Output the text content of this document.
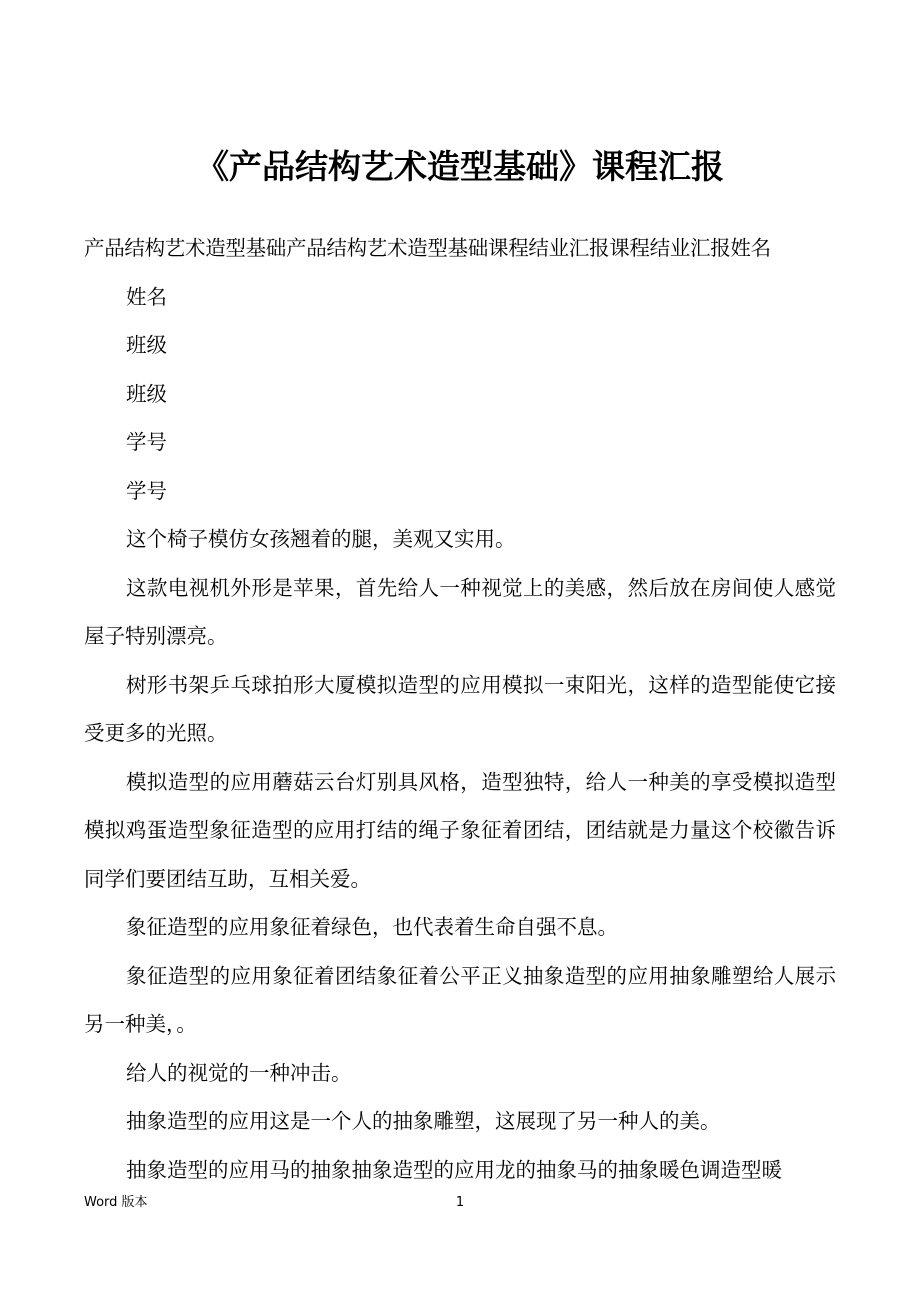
《产品结构艺术造型基础》课程汇报

产品结构艺术造型基础产品结构艺术造型基础课程结业汇报课程结业汇报姓名

姓名

班级

班级

学号

学号

这个椅子模仿女孩翘着的腿，美观又实用。

这款电视机外形是苹果，首先给人一种视觉上的美感，然后放在房间使人感觉屋子特别漂亮。

树形书架乒乓球拍形大厦模拟造型的应用模拟一束阳光，这样的造型能使它接受更多的光照。

模拟造型的应用蘑菇云台灯别具风格，造型独特，给人一种美的享受模拟造型模拟鸡蛋造型象征造型的应用打结的绳子象征着团结，团结就是力量这个校徽告诉同学们要团结互助，互相关爱。

象征造型的应用象征着绿色，也代表着生命自强不息。

象征造型的应用象征着团结象征着公平正义抽象造型的应用抽象雕塑给人展示另一种美，。

给人的视觉的一种冲击。

抽象造型的应用这是一个人的抽象雕塑，这展现了另一种人的美。

抽象造型的应用马的抽象抽象造型的应用龙的抽象马的抽象暖色调造型暖

Word 版本	1
